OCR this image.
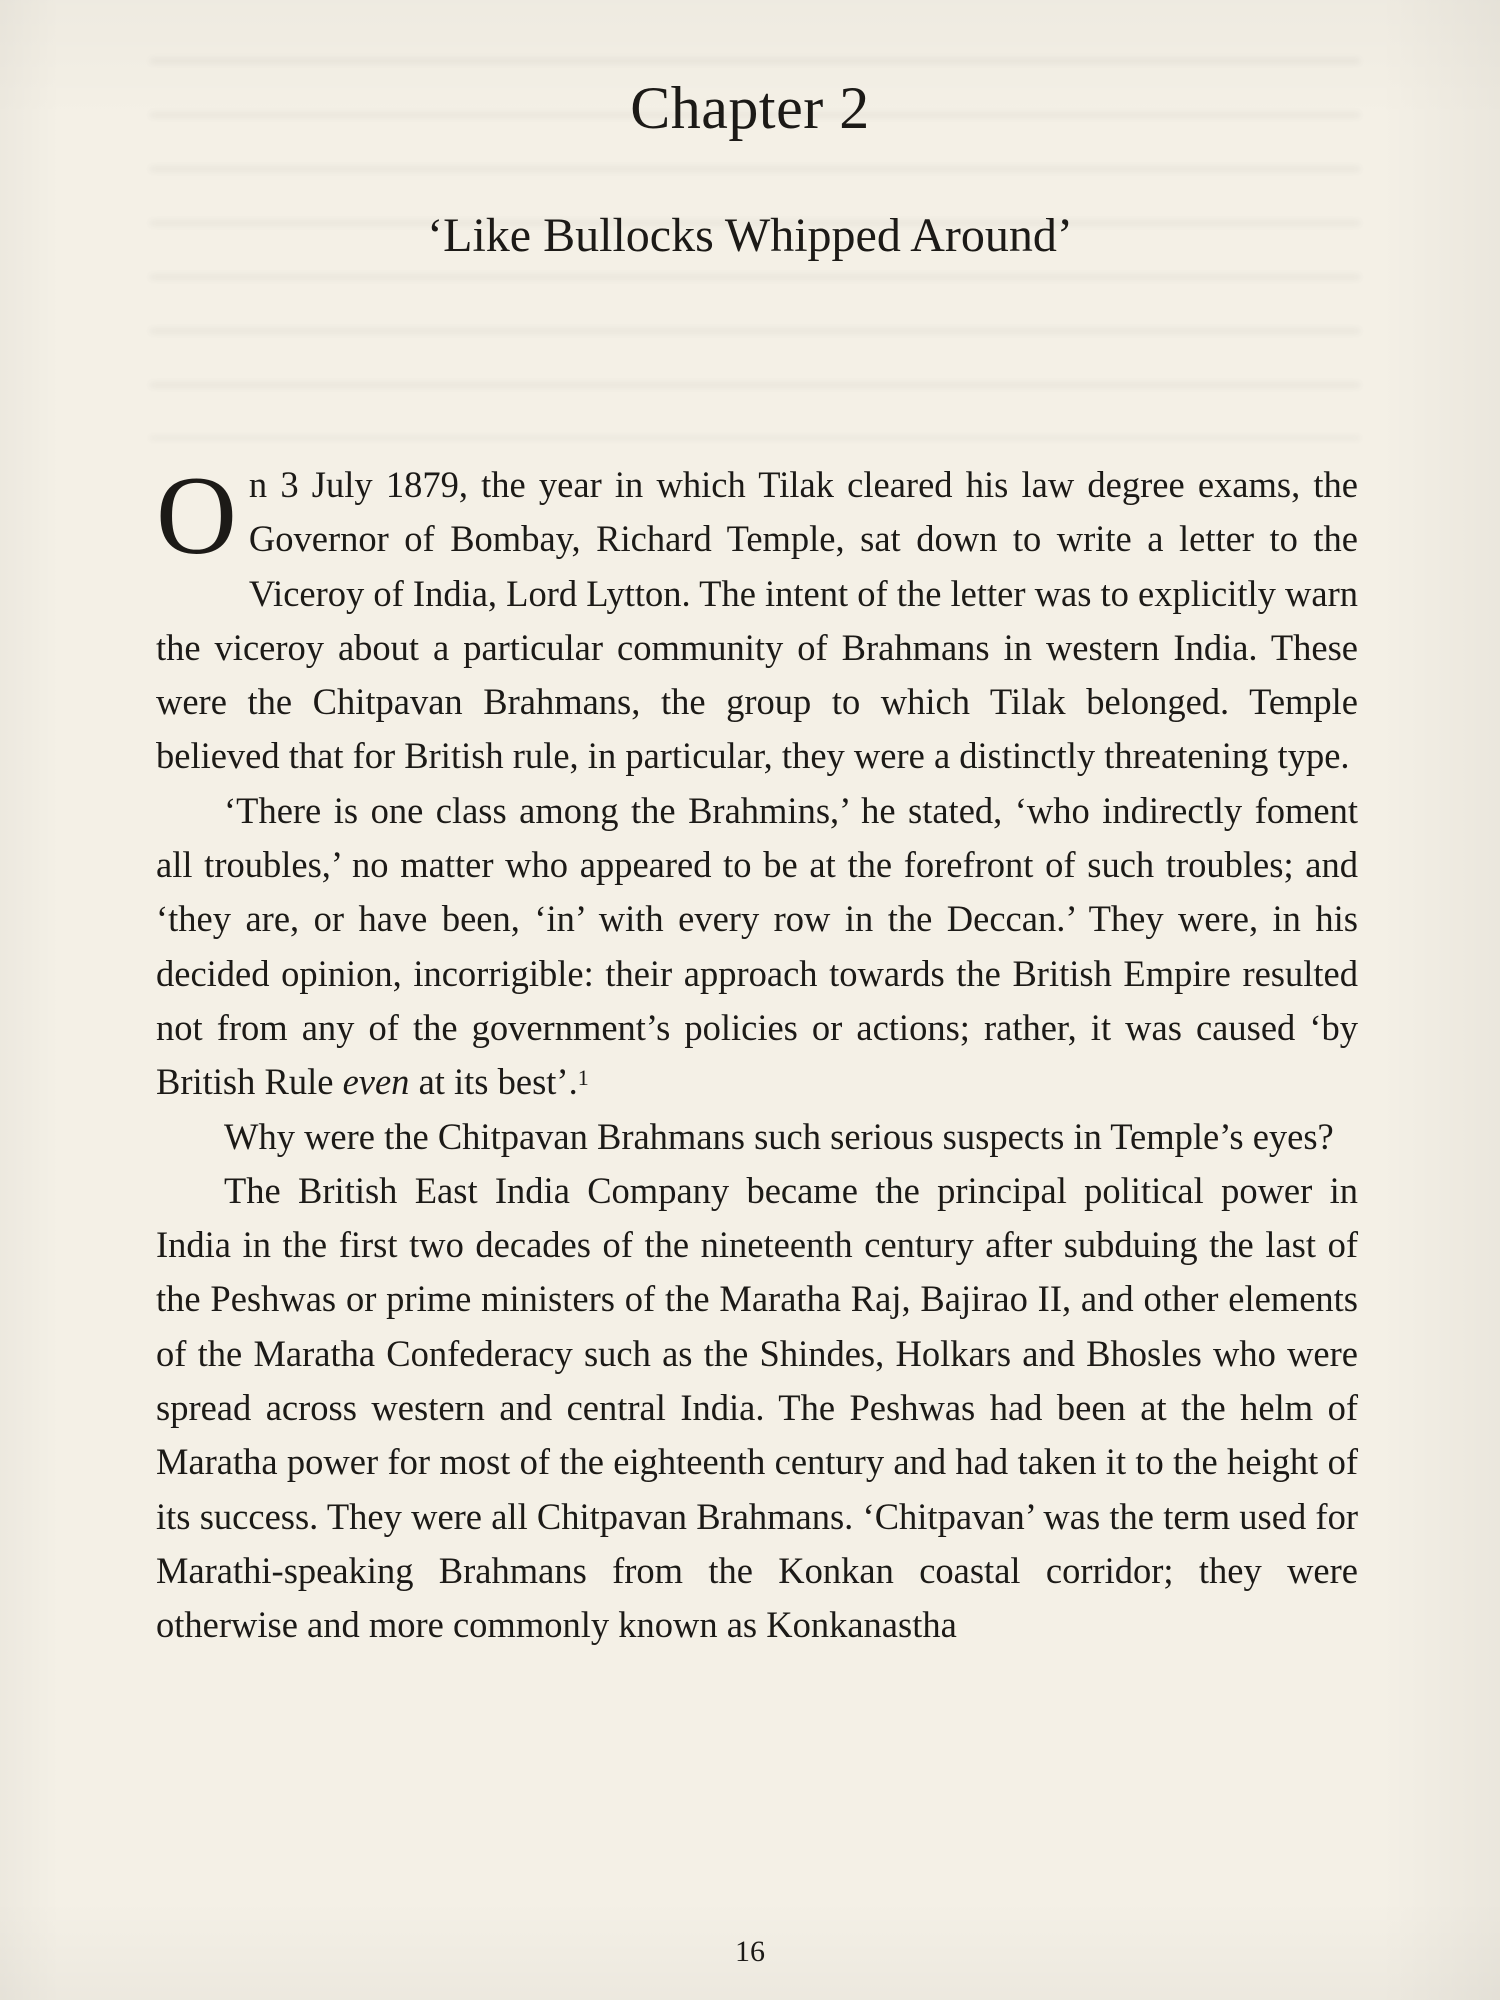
Chapter 2
‘Like Bullocks Whipped Around’

On 3 July 1879, the year in which Tilak cleared his law degree exams, the Governor of Bombay, Richard Temple, sat down to write a letter to the Viceroy of India, Lord Lytton. The intent of the letter was to explicitly warn the viceroy about a particular community of Brahmans in western India. These were the Chitpavan Brahmans, the group to which Tilak belonged. Temple believed that for British rule, in particular, they were a distinctly threatening type.

‘There is one class among the Brahmins,’ he stated, ‘who indirectly foment all troubles,’ no matter who appeared to be at the forefront of such troubles; and ‘they are, or have been, ‘in’ with every row in the Deccan.’ They were, in his decided opinion, incorrigible: their approach towards the British Empire resulted not from any of the government’s policies or actions; rather, it was caused ‘by British Rule even at its best’.$^1$

Why were the Chitpavan Brahmans such serious suspects in Temple’s eyes?

The British East India Company became the principal political power in India in the first two decades of the nineteenth century after subduing the last of the Peshwas or prime ministers of the Maratha Raj, Bajirao II, and other elements of the Maratha Confederacy such as the Shindes, Holkars and Bhosles who were spread across western and central India. The Peshwas had been at the helm of Maratha power for most of the eighteenth century and had taken it to the height of its success. They were all Chitpavan Brahmans. ‘Chitpavan’ was the term used for Marathi-speaking Brahmans from the Konkan coastal corridor; they were otherwise and more commonly known as Konkanastha

16
